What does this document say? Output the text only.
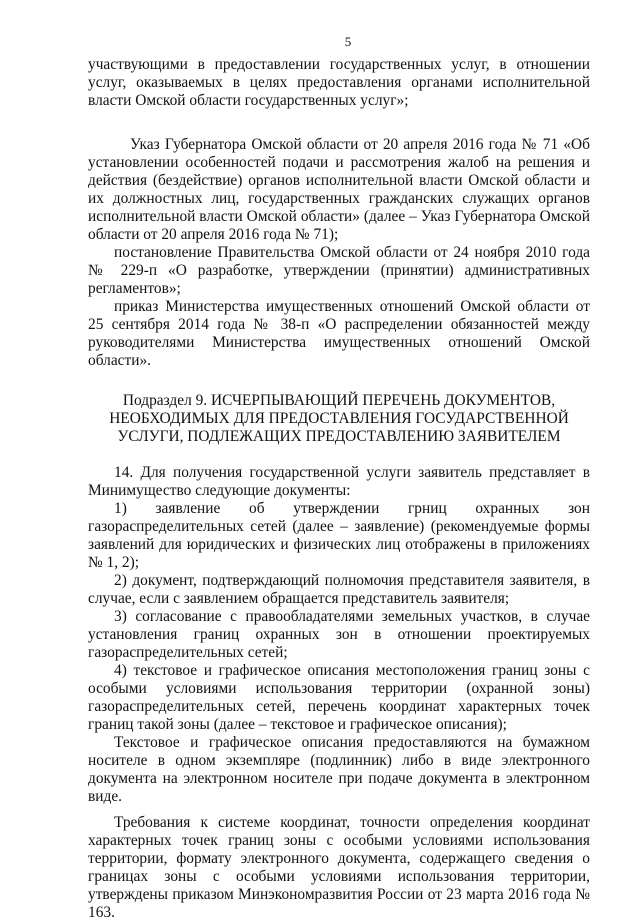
5

участвующими в предоставлении государственных услуг, в отношении услуг, оказываемых в целях предоставления органами исполнительной власти Омской области государственных услуг»;

Указ Губернатора Омской области от 20 апреля 2016 года № 71 «Об установлении особенностей подачи и рассмотрения жалоб на решения и действия (бездействие) органов исполнительной власти Омской области и их должностных лиц, государственных гражданских служащих органов исполнительной власти Омской области» (далее – Указ Губернатора Омской области от 20 апреля 2016 года № 71);

постановление Правительства Омской области от 24 ноября 2010 года № 229-п «О разработке, утверждении (принятии) административных регламентов»;

приказ Министерства имущественных отношений Омской области от 25 сентября 2014 года № 38-п «О распределении обязанностей между руководителями Министерства имущественных отношений Омской области».

Подраздел 9. ИСЧЕРПЫВАЮЩИЙ ПЕРЕЧЕНЬ ДОКУМЕНТОВ,
НЕОБХОДИМЫХ ДЛЯ ПРЕДОСТАВЛЕНИЯ ГОСУДАРСТВЕННОЙ
УСЛУГИ, ПОДЛЕЖАЩИХ ПРЕДОСТАВЛЕНИЮ ЗАЯВИТЕЛЕМ

14. Для получения государственной услуги заявитель представляет в Минимущество следующие документы:

1) заявление об утверждении грниц охранных зон газораспределительных сетей (далее – заявление) (рекомендуемые формы заявлений для юридических и физических лиц отображены в приложениях № 1, 2);

2) документ, подтверждающий полномочия представителя заявителя, в случае, если с заявлением обращается представитель заявителя;

3) согласование с правообладателями земельных участков, в случае установления границ охранных зон в отношении проектируемых газораспределительных сетей;

4) текстовое и графическое описания местоположения границ зоны с особыми условиями использования территории (охранной зоны) газораспределительных сетей, перечень координат характерных точек границ такой зоны (далее – текстовое и графическое описания);

Текстовое и графическое описания предоставляются на бумажном носителе в одном экземпляре (подлинник) либо в виде электронного документа на электронном носителе при подаче документа в электронном виде.

Требования к системе координат, точности определения координат характерных точек границ зоны с особыми условиями использования территории, формату электронного документа, содержащего сведения о границах зоны с особыми условиями использования территории, утверждены приказом Минэкономразвития России от 23 марта 2016 года № 163.
